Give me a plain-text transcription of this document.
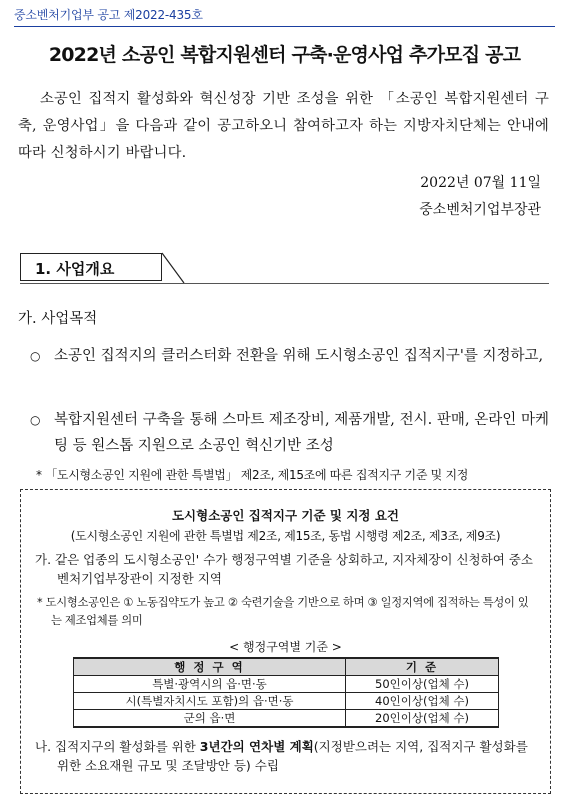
중소벤처기업부 공고 제2022-435호
2022년 소공인 복합지원센터 구축·운영사업 추가모집 공고

소공인 집적지 활성화와 혁신성장 기반 조성을 위한 「소공인 복합지원센터 구축, 운영사업」을 다음과 같이 공고하오니 참여하고자 하는 지방자치단체는 안내에 따라 신청하시기 바랍니다.

2022년 07월 11일
중소벤처기업부장관
1. 사업개요
가. 사업목적
○ 소공인 집적지의 클러스터화 전환을 위해 도시형소공인 집적지구'를 지정하고,
○ 복합지원센터 구축을 통해 스마트 제조장비, 제품개발, 전시. 판매, 온라인 마케팅 등 원스톱 지원으로 소공인 혁신기반 조성
* 「도시형소공인 지원에 관한 특별법」 제2조, 제15조에 따른 집적지구 기준 및 지정
도시형소공인 집적지구 기준 및 지정 요건
(도시형소공인 지원에 관한 특별법 제2조, 제15조, 동법 시행령 제2조, 제3조, 제9조)
가. 같은 업종의 도시형소공인' 수가 행정구역별 기준을 상회하고, 지자체장이 신청하여 중소벤처기업부장관이 지정한 지역
* 도시형소공인은 ① 노동집약도가 높고 ② 숙련기술을 기반으로 하며 ③ 일정지역에 집적하는 특성이 있는 제조업체를 의미
< 행정구역별 기준 >
행 정 구 역	기 준
특별·광역시의 읍·면·동	50인이상(업체 수)
시(특별자치시도 포함)의 읍·면·동	40인이상(업체 수)
군의 읍·면	20인이상(업체 수)
나. 집적지구의 활성화를 위한 3년간의 연차별 계획(지정받으려는 지역, 집적지구 활성화를 위한 소요재원 규모 및 조달방안 등) 수립
